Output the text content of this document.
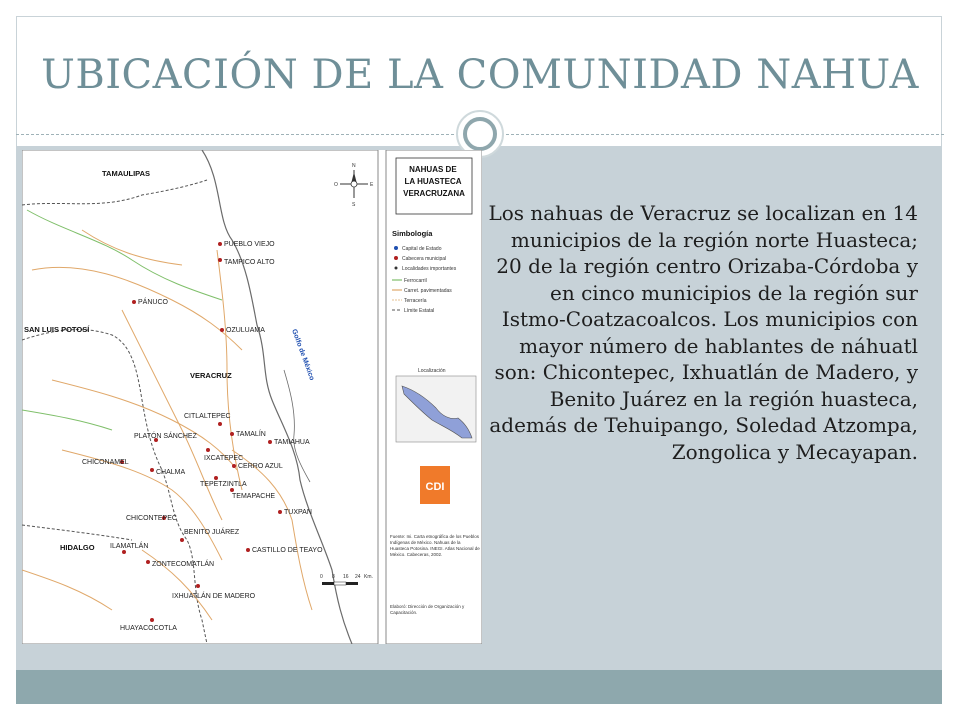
UBICACIÓN DE LA COMUNIDAD NAHUA
N
O	E
S
TAMAULIPAS
SAN LUIS POTOSÍ
VERACRUZ
HIDALGO
Golfo de México
PUEBLO VIEJO
TAMPICO ALTO
PÁNUCO
OZULUAMA
CITLALTEPEC
TAMALÍN
TAMIAHUA
PLATÓN SÁNCHEZ
IXCATEPEC
CHICONAMEL
CHALMA
CERRO AZUL
TEPETZINTLA
TEMAPACHE
TUXPAN
CHICONTEPEC
BENITO JUÁREZ
ILAMATLÁN
ZONTECOMATLÁN
CASTILLO DE TEAYO
IXHUATLÁN DE MADERO
HUAYACOCOTLA
0 8 16 24 Km.
NAHUAS DE LA HUASTECA VERACRUZANA
Simbología
Capital de Estado
Cabecera municipal
Localidades importantes
Ferrocarril
Carret. pavimentadas
Terracería
Límite Estatal
Localización
CDI
Fuente: Ini. Carta etnográfica de los Pueblos Indígenas de México. Nahuas de la Huasteca Potosina. INEGI. Atlas Nacional de México. Cabeceras, 2002.
Elaboró: Dirección de Organización y Capacitación.
Los nahuas de Veracruz se localizan en 14 municipios de la región norte Huasteca; 20 de la región centro Orizaba-Córdoba y en cinco municipios de la región sur Istmo-Coatzacoalcos. Los municipios con mayor número de hablantes de náhuatl son: Chicontepec, Ixhuatlán de Madero, y Benito Juárez en la región huasteca, además de Tehuipango, Soledad Atzompa, Zongolica y Mecayapan.
